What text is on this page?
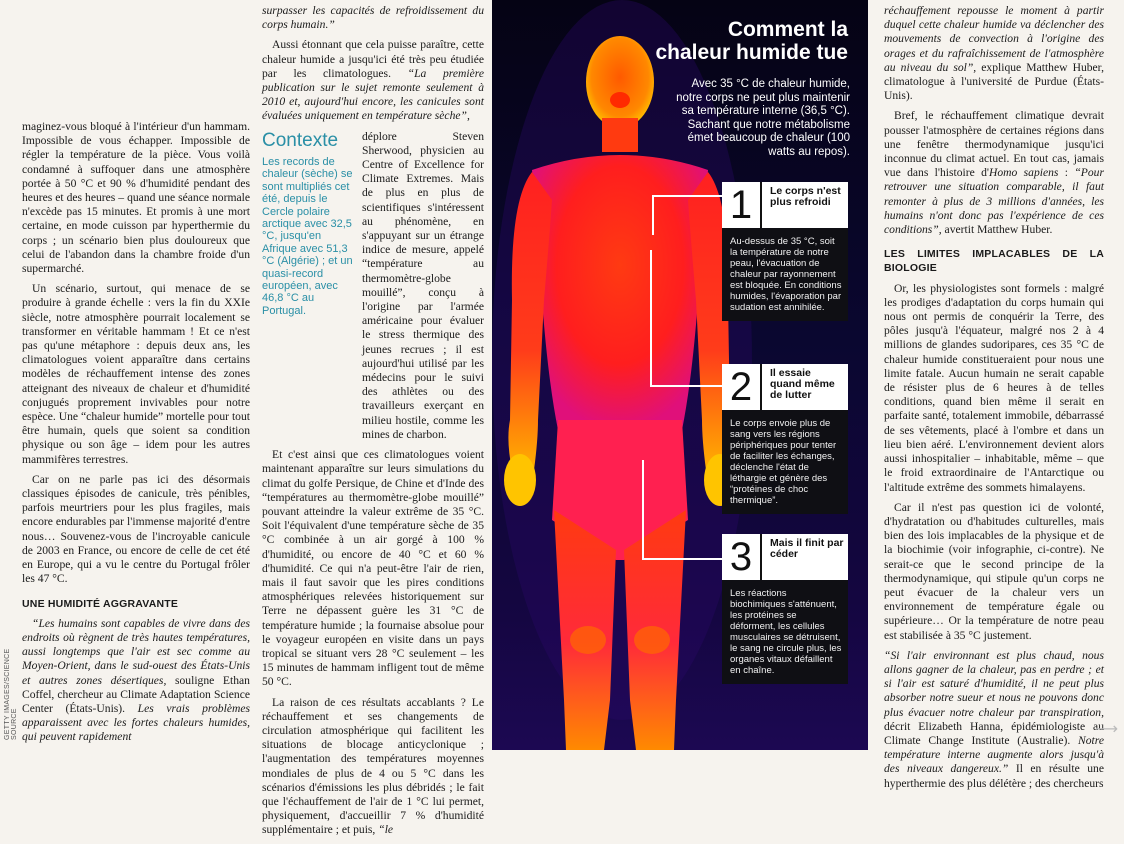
GETTY IMAGES/SCIENCE SOURCE

maginez-vous bloqué à l'intérieur d'un hammam. Impossible de vous échapper. Impossible de régler la température de la pièce. Vous voilà condamné à suffoquer dans une atmosphère portée à 50 °C et 90 % d'humidité pendant des heures et des heures – quand une séance normale n'excède pas 15 minutes. Et promis à une mort certaine, en mode cuisson par hyperthermie du corps ; un scénario bien plus douloureux que celui de l'abandon dans la chambre froide d'un supermarché.

Un scénario, surtout, qui menace de se produire à grande échelle : vers la fin du XXIe siècle, notre atmosphère pourrait localement se transformer en véritable hammam ! Et ce n'est pas qu'une métaphore : depuis deux ans, les climatologues voient apparaître dans certains modèles de réchauffement intense des zones atteignant des niveaux de chaleur et d'humidité conjugués proprement invivables pour notre espèce. Une “chaleur humide” mortelle pour tout être humain, quels que soient sa condition physique ou son âge – idem pour les autres mammifères terrestres.

Car on ne parle pas ici des désormais classiques épisodes de canicule, très pénibles, parfois meurtriers pour les plus fragiles, mais encore endurables par l'immense majorité d'entre nous… Souvenez-vous de l'incroyable canicule de 2003 en France, ou encore de celle de cet été en Europe, qui a vu le centre du Portugal frôler les 47 °C.

UNE HUMIDITÉ AGGRAVANTE

“Les humains sont capables de vivre dans des endroits où règnent de très hautes températures, aussi longtemps que l'air est sec comme au Moyen-Orient, dans le sud-ouest des États-Unis et autres zones désertiques, souligne Ethan Coffel, chercheur au Climate Adaptation Science Center (États-Unis). Les vrais problèmes apparaissent avec les fortes chaleurs humides, qui peuvent rapidement

surpasser les capacités de refroidissement du corps humain.”

Aussi étonnant que cela puisse paraître, cette chaleur humide a jusqu'ici été très peu étudiée par les climatologues. “La première publication sur le sujet remonte seulement à 2010 et, aujourd'hui encore, les canicules sont évaluées uniquement en température sèche”,

déplore Steven Sherwood, physicien au Centre of Excellence for Climate Extremes. Mais de plus en plus de scientifiques s'intéressent au phénomène, en s'appuyant sur un étrange indice de mesure, appelé “température au thermomètre-globe mouillé”, conçu à l'origine par l'armée américaine pour évaluer le stress thermique des jeunes recrues ; il est aujourd'hui utilisé par les médecins pour le suivi des athlètes ou des travailleurs exerçant en milieu hostile, comme les mines de charbon.

Et c'est ainsi que ces climatologues voient maintenant apparaître sur leurs simulations du climat du golfe Persique, de Chine et d'Inde des “températures au thermomètre-globe mouillé” pouvant atteindre la valeur extrême de 35 °C. Soit l'équivalent d'une température sèche de 35 °C combinée à un air gorgé à 100 % d'humidité, ou encore de 40 °C et 60 % d'humidité. Ce qui n'a peut-être l'air de rien, mais il faut savoir que les pires conditions atmosphériques relevées historiquement sur Terre ne dépassent guère les 31 °C de température humide ; la fournaise absolue pour le voyageur européen en visite dans un pays tropical se situant vers 28 °C seulement – les 15 minutes de hammam infligent tout de même 50 °C.

La raison de ces résultats accablants ? Le réchauffement et ses changements de circulation atmosphérique qui facilitent les situations de blocage anticyclonique ; l'augmentation des températures moyennes mondiales de plus de 4 ou 5 °C dans les scénarios d'émissions les plus débridés ; le fait que l'échauffement de l'air de 1 °C lui permet, physiquement, d'accueillir 7 % d'humidité supplémentaire ; et puis, “le

Contexte
Les records de chaleur (sèche) se sont multipliés cet été, depuis le Cercle polaire arctique avec 32,5 °C, jusqu'en Afrique avec 51,3 °C (Algérie) ; et un quasi-record européen, avec 46,8 °C au Portugal.
Comment la chaleur humide tue
Avec 35 °C de chaleur humide, notre corps ne peut plus maintenir sa température interne (36,5 °C). Sachant que notre métabolisme émet beaucoup de chaleur (100 watts au repos).
1	Le corps n'est plus refroidi
Au-dessus de 35 °C, soit la température de notre peau, l'évacuation de chaleur par rayonnement est bloquée. En conditions humides, l'évaporation par sudation est annihilée.
2	Il essaie quand même de lutter
Le corps envoie plus de sang vers les régions périphériques pour tenter de faciliter les échanges, déclenche l'état de léthargie et génère des “protéines de choc thermique”.
3	Mais il finit par céder
Les réactions biochimiques s'atténuent, les protéines se déforment, les cellules musculaires se détruisent, le sang ne circule plus, les organes vitaux défaillent en chaîne.

réchauffement repousse le moment à partir duquel cette chaleur humide va déclencher des mouvements de convection à l'origine des orages et du rafraîchissement de l'atmosphère au niveau du sol”, explique Matthew Huber, climatologue à l'université de Purdue (États-Unis).

Bref, le réchauffement climatique devrait pousser l'atmosphère de certaines régions dans une fenêtre thermodynamique jusqu'ici inconnue du climat actuel. En tout cas, jamais vue dans l'histoire d'Homo sapiens : “Pour retrouver une situation comparable, il faut remonter à plus de 3 millions d'années, les humains n'ont donc pas l'expérience de ces conditions”, avertit Matthew Huber.

LES LIMITES IMPLACABLES DE LA BIOLOGIE

Or, les physiologistes sont formels : malgré les prodiges d'adaptation du corps humain qui nous ont permis de conquérir la Terre, des pôles jusqu'à l'équateur, malgré nos 2 à 4 millions de glandes sudoripares, ces 35 °C de chaleur humide constitueraient pour nous une limite fatale. Aucun humain ne serait capable de résister plus de 6 heures à de telles conditions, quand bien même il serait en parfaite santé, totalement immobile, débarrassé de ses vêtements, placé à l'ombre et dans un lieu bien aéré. L'environnement devient alors aussi inhospitalier – inhabitable, même – que le froid extraordinaire de l'Antarctique ou l'altitude extrême des sommets himalayens.

Car il n'est pas question ici de volonté, d'hydratation ou d'habitudes culturelles, mais bien des lois implacables de la physique et de la biochimie (voir infographie, ci-contre). Ne serait-ce que le second principe de la thermodynamique, qui stipule qu'un corps ne peut évacuer de la chaleur vers un environnement de température égale ou supérieure… Or la température de notre peau est stabilisée à 35 °C justement.

“Si l'air environnant est plus chaud, nous allons gagner de la chaleur, pas en perdre ; et si l'air est saturé d'humidité, il ne peut plus absorber notre sueur et nous ne pouvons donc plus évacuer notre chaleur par transpiration, décrit Elizabeth Hanna, épidémiologiste au Climate Change Institute (Australie). Notre température interne augmente alors jusqu'à des niveaux dangereux.” Il en résulte une hyperthermie des plus délétère ; des chercheurs

⟶
